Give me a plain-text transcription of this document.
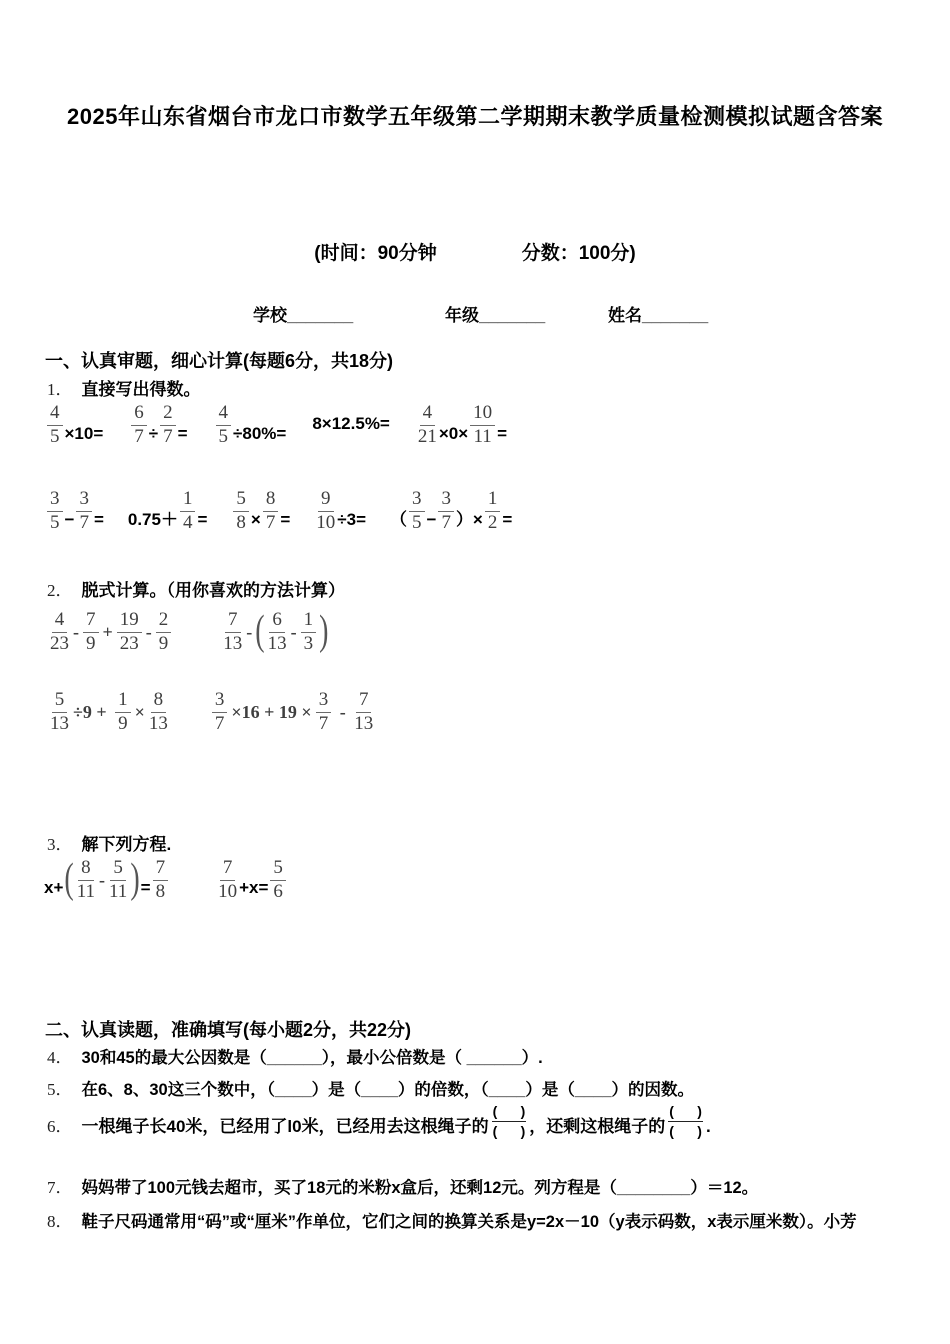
2025年山东省烟台市龙口市数学五年级第二学期期末教学质量检测模拟试题含答案
(时间：90分钟	分数：100分)
学校_______	年级_______	姓名_______
一、认真审题，细心计算(每题6分，共18分)
1． 直接写出得数。
$\frac{4}{5} \times 10= \frac{6}{7} \div \frac{2}{7} = \frac{4}{5} \div 80\%=$
$8\times 12.5\%= \frac{4}{21} \times 0\times \frac{10}{11}$ =
$\frac{3}{5} - \frac{3}{7} = 0.75+ \frac{1}{4} = \frac{5}{8} \times \frac{8}{7} = \frac{9}{10} \div 3=$ （ $\frac{3}{5} - \frac{3}{7}$ ）× $\frac{1}{2}$ =
2． 脱式计算。（用你喜欢的方法计算）
$\frac{4}{23} - \frac{7}{9} + \frac{19}{23} - \frac{2}{9}$	$\frac{7}{13}$ - ( $\frac{6}{13} - \frac{1}{3}$ )
$\frac{5}{13} \div 9 + \frac{1}{9} \times \frac{8}{13} \frac{3}{7} \times 16 + 19 \times \frac{3}{7} - \frac{7}{13}$
3． 解下列方程.
x+ ( $\frac{8}{11} - \frac{5}{11}$ ) = $\frac{7}{8}$	$\frac{7}{10} +x= \frac{5}{6}$
二、认真读题，准确填写(每小题2分，共22分)
4． 30和45的最大公因数是（______），最小公倍数是（ ______）.
5． 在6、8、30这三个数中，（____）是（____）的倍数，（____）是（____）的因数。
6． 一根绳子长40米，已经用了l0米，已经用去这根绳子的 $\frac{( )}{( )}$ ，还剩这根绳子的 $\frac{( )}{( )}$ .
7． 妈妈带了100元钱去超市，买了18元的米粉x盒后，还剩12元。列方程是（________）＝12。
8． 鞋子尺码通常用“码”或“厘米”作单位，它们之间的换算关系是y=2x－10（y表示码数，x表示厘米数）。小芳
